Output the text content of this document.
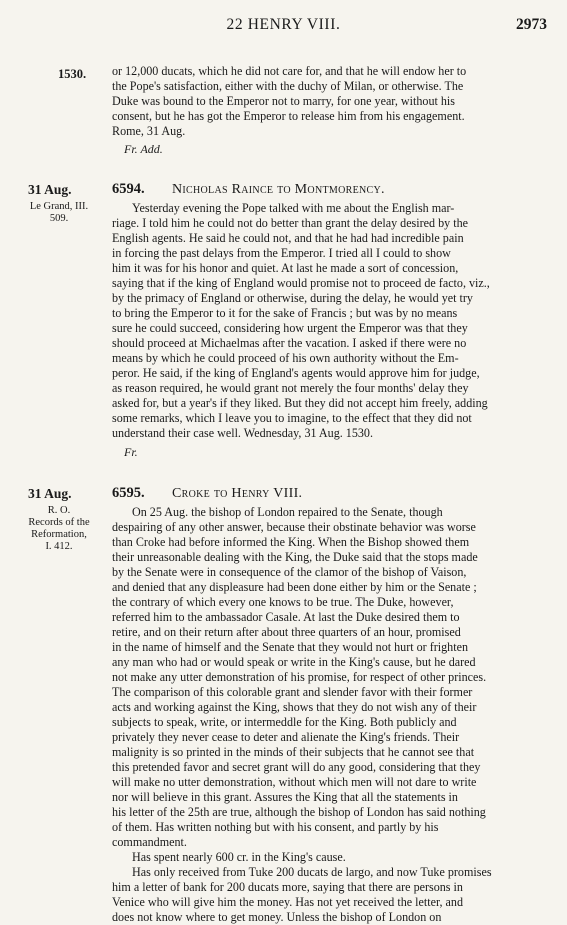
22 HENRY VIII.	2973
1530. or 12,000 ducats, which he did not care for, and that he will endow her to

the Pope's satisfaction, either with the duchy of Milan, or otherwise. The

Duke was bound to the Emperor not to marry, for one year, without his

consent, but he has got the Emperor to release him from his engagement.

Rome, 31 Aug.

Fr. Add.
31 Aug.	6594. Nicholas Raince to Montmorency.
Le Grand, III.
509.

Yesterday evening the Pope talked with me about the English mar-

riage. I told him he could not do better than grant the delay desired by the

English agents. He said he could not, and that he had had incredible pain

in forcing the past delays from the Emperor. I tried all I could to show

him it was for his honor and quiet. At last he made a sort of concession,

saying that if the king of England would promise not to proceed de facto, viz.,

by the primacy of England or otherwise, during the delay, he would yet try

to bring the Emperor to it for the sake of Francis ; but was by no means

sure he could succeed, considering how urgent the Emperor was that they

should proceed at Michaelmas after the vacation. I asked if there were no

means by which he could proceed of his own authority without the Em-

peror. He said, if the king of England's agents would approve him for judge,

as reason required, he would grant not merely the four months' delay they

asked for, but a year's if they liked. But they did not accept him freely, adding

some remarks, which I leave you to imagine, to the effect that they did not

understand their case well. Wednesday, 31 Aug. 1530.

Fr.
31 Aug.	6595. Croke to Henry VIII.
R. O.
Records of the
Reformation,
I. 412.

On 25 Aug. the bishop of London repaired to the Senate, though

despairing of any other answer, because their obstinate behavior was worse

than Croke had before informed the King. When the Bishop showed them

their unreasonable dealing with the King, the Duke said that the stops made

by the Senate were in consequence of the clamor of the bishop of Vaison,

and denied that any displeasure had been done either by him or the Senate ;

the contrary of which every one knows to be true. The Duke, however,

referred him to the ambassador Casale. At last the Duke desired them to

retire, and on their return after about three quarters of an hour, promised

in the name of himself and the Senate that they would not hurt or frighten

any man who had or would speak or write in the King's cause, but he dared

not make any utter demonstration of his promise, for respect of other princes.

The comparison of this colorable grant and slender favor with their former

acts and working against the King, shows that they do not wish any of their

subjects to speak, write, or intermeddle for the King. Both publicly and

privately they never cease to deter and alienate the King's friends. Their

malignity is so printed in the minds of their subjects that he cannot see that

this pretended favor and secret grant will do any good, considering that they

will make no utter demonstration, without which men will not dare to write

nor will believe in this grant. Assures the King that all the statements in

his letter of the 25th are true, although the bishop of London has said nothing

of them. Has written nothing but with his consent, and partly by his

commandment.

Has spent nearly 600 cr. in the King's cause.

Has only received from Tuke 200 ducats de largo, and now Tuke promises

him a letter of bank for 200 ducats more, saying that there are persons in

Venice who will give him the money. Has not yet received the letter, and

does not know where to get money. Unless the bishop of London on
